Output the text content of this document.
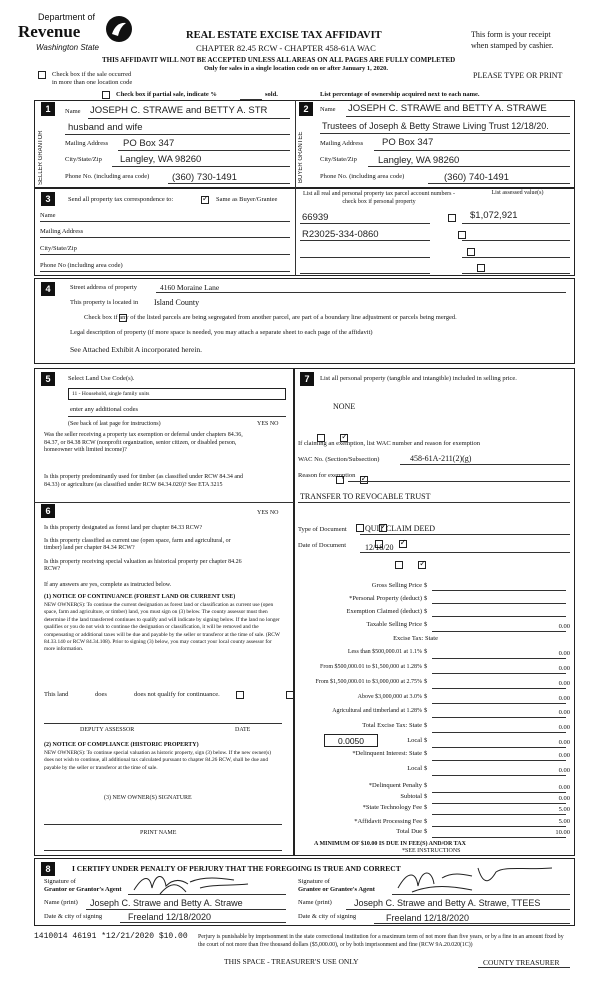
Department of
Revenue
Washington State
REAL ESTATE EXCISE TAX AFFIDAVIT
CHAPTER 82.45 RCW - CHAPTER 458-61A WAC
This form is your receipt
when stamped by cashier.
THIS AFFIDAVIT WILL NOT BE ACCEPTED UNLESS ALL AREAS ON ALL PAGES ARE FULLY COMPLETED
Only for sales in a single location code on or after January 1, 2020.
PLEASE TYPE OR PRINT
Check box if the sale occurred
in more than one location code
Check box if partial sale, indicate %	sold.	List percentage of ownership acquired next to each name.
1
SELLER GRANTOR
Name JOSEPH C. STRAWE and BETTY A. STR
husband and wife
Mailing Address PO Box 347
City/State/Zip Langley, WA 98260
Phone No. (including area code) (360) 730-1491
2
BUYER GRANTEE
Name JOSEPH C. STRAWE and BETTY A. STRAWE
Trustees of Joseph & Betty Strawe Living Trust 12/18/20.
Mailing Address PO Box 347
City/State/Zip Langley, WA 98260
Phone No. (including area code)	(360) 740-1491
3	Send all property tax correspondence to:
✓	Same as Buyer/Grantee
Name
Mailing Address
City/State/Zip
Phone No (including area code)
List all real and personal property tax parcel account numbers - check box if personal property
List assessed value(s)
66939
R23025-334-0860

$1,072,921
4	Street address of property	4160 Moraine Lane
This property is located in Island County

Check box if any of the listed parcels are being segregated from another parcel, are part of a boundary line adjustment or parcels being merged.
Legal description of property (if more space is needed, you may attach a separate sheet to each page of the affidavit)
See Attached Exhibit A incorporated herein.
5	Select Land Use Code(s).
11 - Household, single family units
enter any additional codes
(See back of last page for instructions)	YES NO
Was the seller receiving a property tax exemption or deferral under chapters 84.36, 84.37, or 84.38 RCW (nonprofit organization, senior citizen, or disabled person, homeowner with limited income)?
✓
Is this property predominantly used for timber (as classified under RCW 84.34 and 84.33) or agriculture (as classified under RCW 84.34.020)? See ETA 3215
✓
6	YES NO
Is this property designated as forest land per chapter 84.33 RCW?
✓
Is this property classified as current use (open space, farm and agricultural, or timber) land per chapter 84.34 RCW?
✓
Is this property receiving special valuation as historical property per chapter 84.26 RCW?
✓
If any answers are yes, complete as instructed below.
(1) NOTICE OF CONTINUANCE (FOREST LAND OR CURRENT USE)
NEW OWNER(S): To continue the current designation as forest land or classification as current use (open space, farm and agriculture, or timber) land, you must sign on (3) below. The county assessor must then determine if the land transferred continues to qualify and will indicate by signing below. If the land no longer qualifies or you do not wish to continue the designation or classification, it will be removed and the compensating or additional taxes will be due and payable by the seller or transferor at the time of sale. (RCW 84.33.140 or RCW 84.34.108). Prior to signing (3) below, you may contact your local county assessor for more information.
This land
	does	does not qualify for continuance.
DEPUTY ASSESSOR	DATE
(2) NOTICE OF COMPLIANCE (HISTORIC PROPERTY)
NEW OWNER(S): To continue special valuation as historic property, sign (3) below. If the new owner(s) does not wish to continue, all additional tax calculated pursuant to chapter 84.26 RCW, shall be due and payable by the seller or transferor at the time of sale.
(3) NEW OWNER(S) SIGNATURE
PRINT NAME
7	List all personal property (tangible and intangible) included in selling price.
NONE
If claiming an exemption, list WAC number and reason for exemption
WAC No. (Section/Subsection)	458-61A-211(2)(g)
Reason for exemption
TRANSFER TO REVOCABLE TRUST
Type of Document QUIT CLAIM DEED
Date of Document 12/18/20
Gross Selling Price $
*Personal Property (deduct) $
Exemption Claimed (deduct) $
Taxable Selling Price $	0.00
Excise Tax: State
Less than $500,000.01 at 1.1% $	0.00
From $500,000.01 to $1,500,000 at 1.28% $	0.00
From $1,500,000.01 to $3,000,000 at 2.75% $	0.00
Above $3,000,000 at 3.0% $	0.00
Agricultural and timberland at 1.28% $	0.00
Total Excise Tax: State $	0.00
0.0050	Local $	0.00
*Delinquent Interest: State $	0.00
Local $	0.00
*Delinquent Penalty $	0.00
Subtotal $	0.00
*State Technology Fee $	5.00
*Affidavit Processing Fee $	5.00
Total Due $	10.00
A MINIMUM OF $10.00 IS DUE IN FEE(S) AND/OR TAX
*SEE INSTRUCTIONS
8	I CERTIFY UNDER PENALTY OF PERJURY THAT THE FOREGOING IS TRUE AND CORRECT
Signature of
Grantor or Grantor's Agent
Name (print) Joseph C. Strawe and Betty A. Strawe
Date & city of signing	Freeland 12/18/2020
Signature of
Grantee or Grantee's Agent
Name (print) Joseph C. Strawe and Betty A. Strawe, TTEES
Date & city of signing	Freeland 12/18/2020
1410014 46191 *12/21/2020 $10.00 Perjury is punishable by imprisonment in the state correctional institution for a maximum term of not more than five years, or by a fine in an amount fixed by the court of not more than five thousand dollars ($5,000.00), or by both imprisonment and fine (RCW 9A.20.020(1C))
THIS SPACE - TREASURER'S USE ONLY	COUNTY TREASURER
